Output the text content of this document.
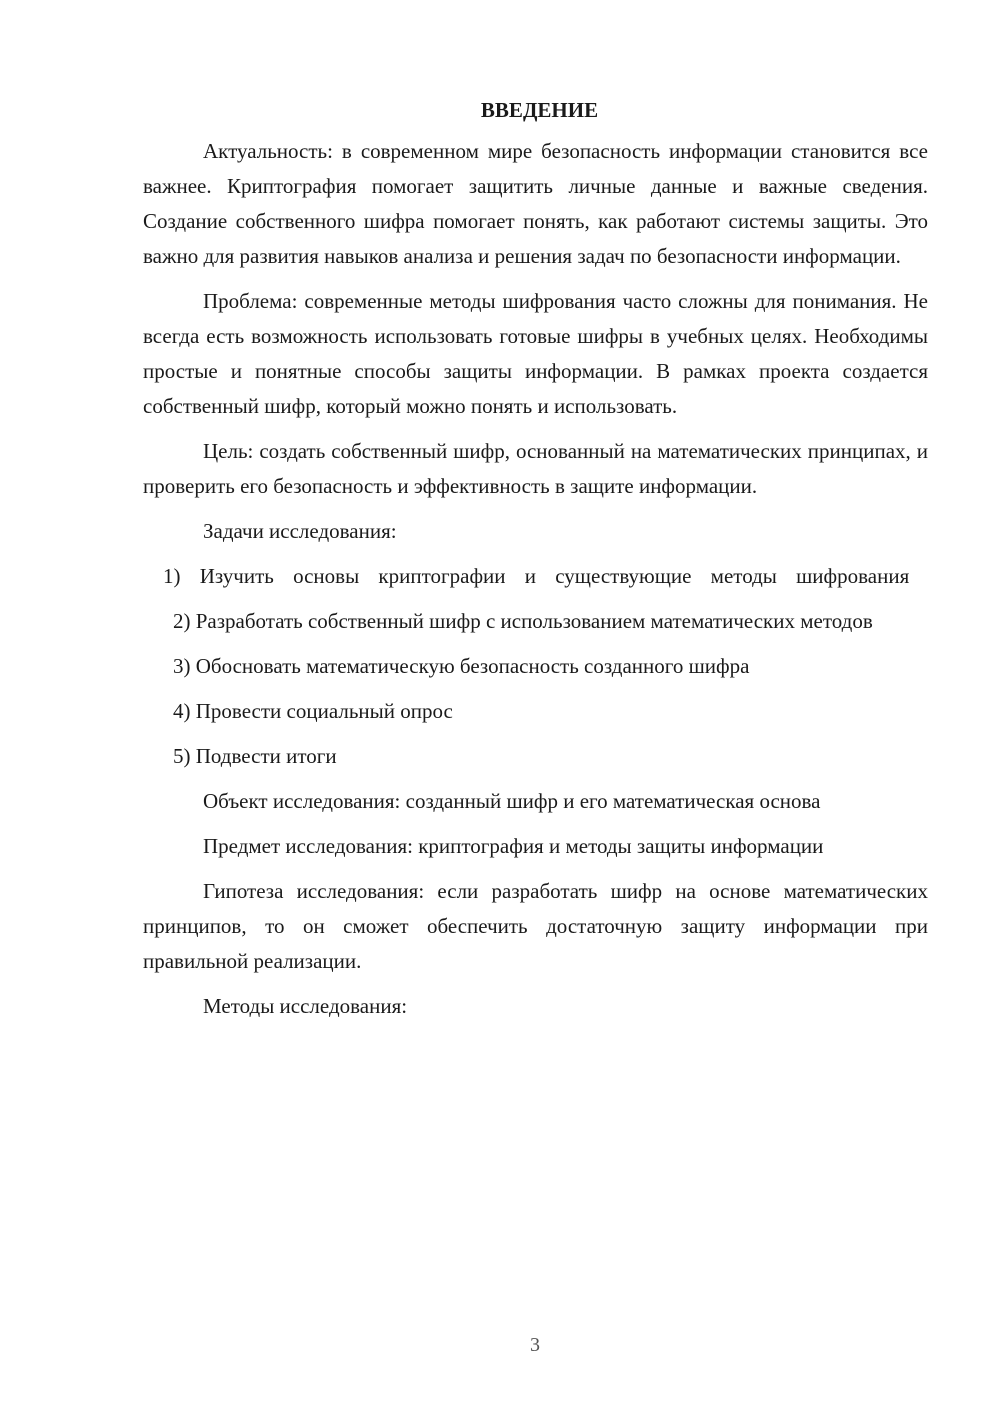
ВВЕДЕНИЕ

Актуальность: в современном мире безопасность информации становится все важнее. Криптография помогает защитить личные данные и важные сведения. Создание собственного шифра помогает понять, как работают системы защиты. Это важно для развития навыков анализа и решения задач по безопасности информации.

Проблема: современные методы шифрования часто сложны для понимания. Не всегда есть возможность использовать готовые шифры в учебных целях. Необходимы простые и понятные способы защиты информации. В рамках проекта создается собственный шифр, который можно понять и использовать.

Цель: создать собственный шифр, основанный на математических принципах, и проверить его безопасность и эффективность в защите информации.

Задачи исследования:

1) Изучить основы криптографии и существующие методы шифрования

2) Разработать собственный шифр с использованием математических методов

3) Обосновать математическую безопасность созданного шифра

4) Провести социальный опрос

5) Подвести итоги

Объект исследования: созданный шифр и его математическая основа

Предмет исследования: криптография и методы защиты информации

Гипотеза исследования: если разработать шифр на основе математических принципов, то он сможет обеспечить достаточную защиту информации при правильной реализации.

Методы исследования:

3
